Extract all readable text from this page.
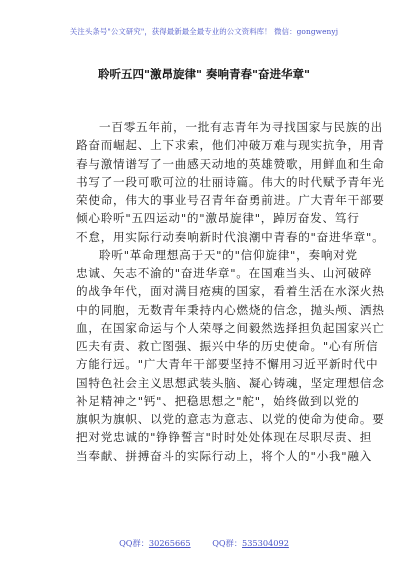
关注头条号"公文研究"，获得最新最全最专业的公文资料库！ 微信：gongwenyj
聆听五四"激昂旋律" 奏响青春"奋进华章"

一百零五年前，一批有志青年为寻找国家与民族的出
路奋而崛起、上下求索，他们冲破万难与现实抗争，用青
春与激情谱写了一曲感天动地的英雄赞歌，用鲜血和生命
书写了一段可歌可泣的壮丽诗篇。伟大的时代赋予青年光
荣使命，伟大的事业号召青年奋勇前进。广大青年干部要
倾心聆听"五四运动"的"激昂旋律"，踔厉奋发、笃行
不怠，用实际行动奏响新时代浪潮中青春的"奋进华章"。

聆听"革命理想高于天"的"信仰旋律"，奏响对党
忠诚、矢志不渝的"奋进华章"。在国难当头、山河破碎
的战争年代，面对满目疮痍的国家，看着生活在水深火热
中的同胞，无数青年秉持内心燃烧的信念，抛头颅、洒热
血，在国家命运与个人荣辱之间毅然选择担负起国家兴亡
匹夫有责、救亡图强、振兴中华的历史使命。"心有所信
方能行远。"广大青年干部要坚持不懈用习近平新时代中
国特色社会主义思想武装头脑、凝心铸魂，坚定理想信念
补足精神之"钙"、把稳思想之"舵"，始终做到以党的
旗帜为旗帜、以党的意志为意志、以党的使命为使命。要
把对党忠诚的"铮铮誓言"时时处处体现在尽职尽责、担
当奉献、拼搏奋斗的实际行动上，将个人的"小我"融入

QQ群：30265665	QQ群：535304092
